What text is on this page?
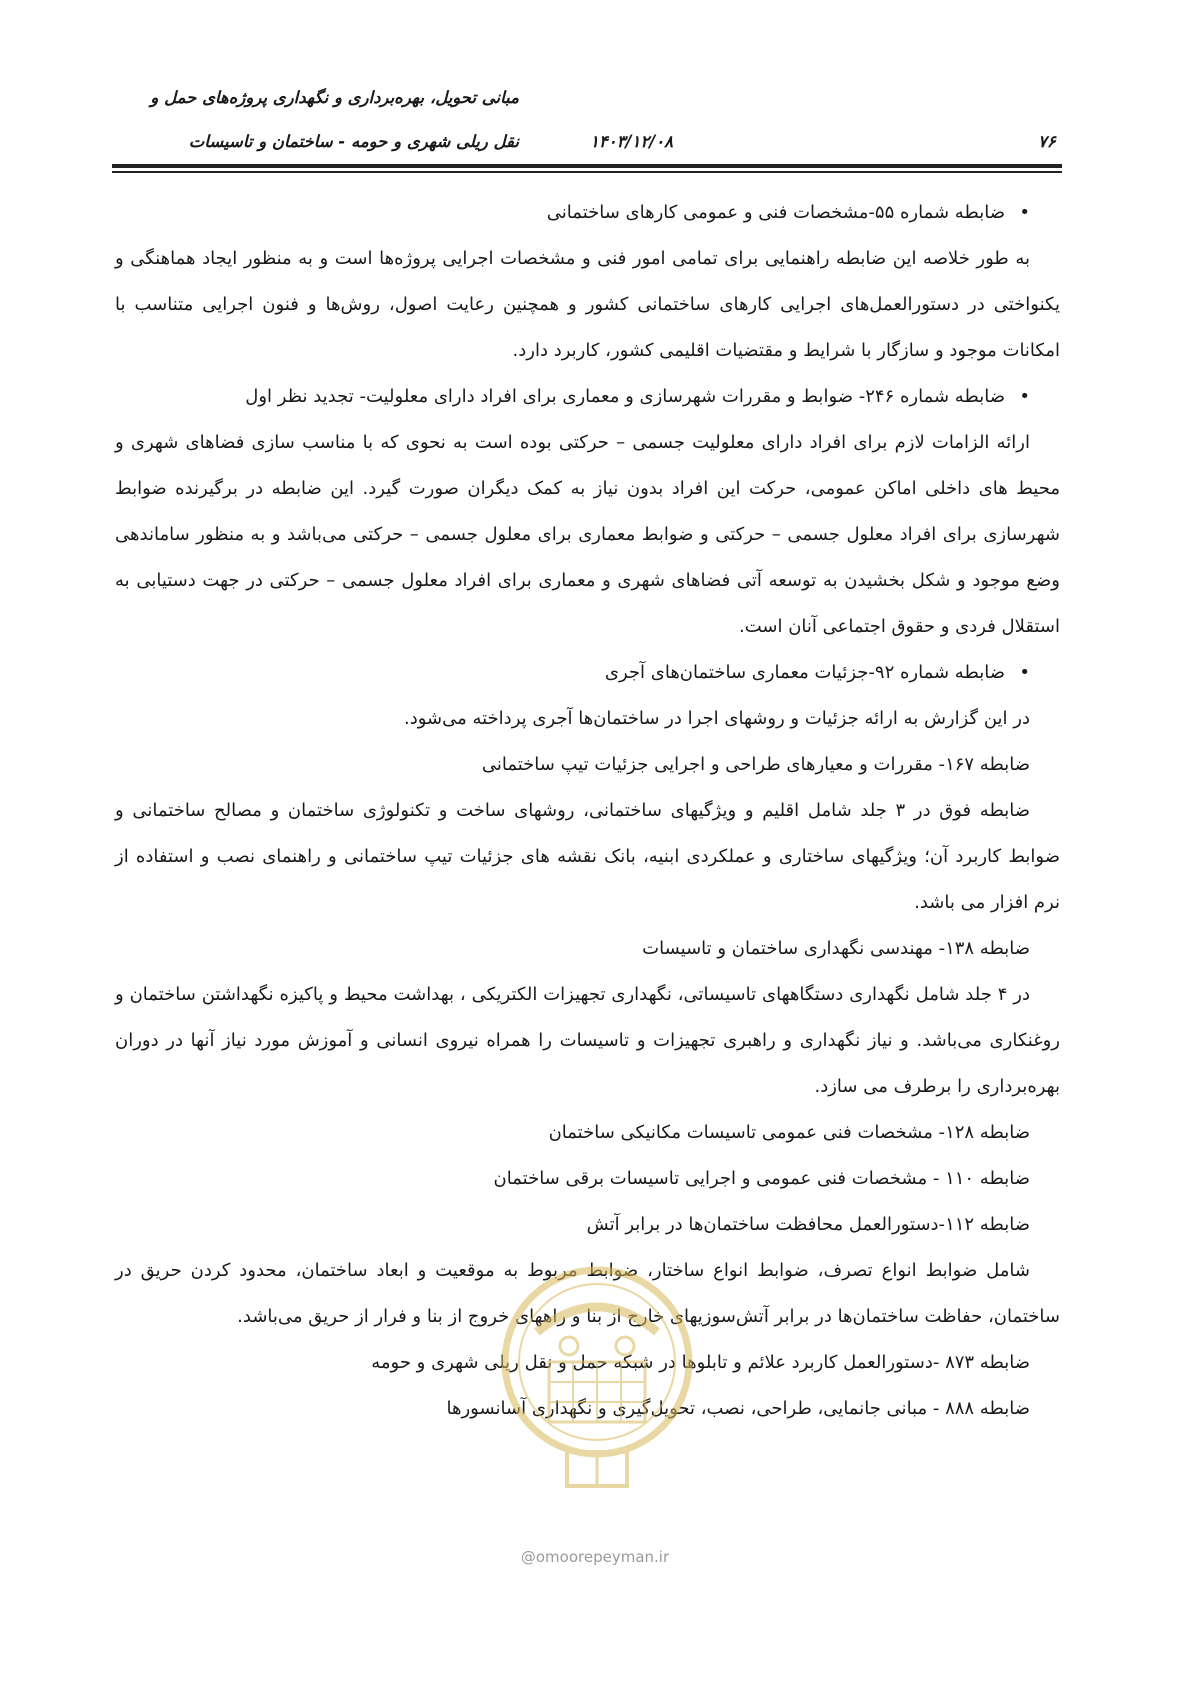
مبانی تحویل، بهره‌برداری و نگهداری پروژه‌های حمل و
نقل ریلی شهری و حومه - ساختمان و تاسیسات	۱۴۰۳/۱۲/۰۸	۷۶

• ضابطه شماره ۵۵-مشخصات فنی و عمومی کارهای ساختمانی

به طور خلاصه این ضابطه راهنمایی برای تمامی امور فنی و مشخصات اجرایی پروژه‌ها است و به منظور ایجاد هماهنگی و یکنواختی در دستورالعمل‌های اجرایی کارهای ساختمانی کشور و همچنین رعایت اصول، روش‌ها و فنون اجرایی متناسب با امکانات موجود و سازگار با شرایط و مقتضیات اقلیمی کشور، کاربرد دارد.

• ضابطه شماره ۲۴۶- ضوابط و مقررات شهرسازی و معماری برای افراد دارای معلولیت- تجدید نظر اول

ارائه الزامات لازم برای افراد دارای معلولیت جسمی – حرکتی بوده است به نحوی که با مناسب سازی فضاهای شهری و محیط های داخلی اماکن عمومی، حرکت این افراد بدون نیاز به کمک دیگران صورت گیرد. این ضابطه در برگیرنده ضوابط شهرسازی برای افراد معلول جسمی – حرکتی و ضوابط معماری برای معلول جسمی – حرکتی می‌باشد و به منظور ساماندهی وضع موجود و شکل بخشیدن به توسعه آتی فضاهای شهری و معماری برای افراد معلول جسمی – حرکتی در جهت دستیابی به استقلال فردی و حقوق اجتماعی آنان است.

• ضابطه شماره ۹۲-جزئیات معماری ساختمان‌های آجری

در این گزارش به ارائه جزئیات و روشهای اجرا در ساختمان‌ها آجری پرداخته می‌شود.

ضابطه ۱۶۷- مقررات و معیارهای طراحی و اجرایی جزئیات تیپ ساختمانی

ضابطه فوق در ۳ جلد شامل اقلیم و ویژگیهای ساختمانی، روشهای ساخت و تکنولوژی ساختمان و مصالح ساختمانی و ضوابط کاربرد آن؛ ویژگیهای ساختاری و عملکردی ابنیه، بانک نقشه های جزئیات تیپ ساختمانی و راهنمای نصب و استفاده از نرم افزار می باشد.

ضابطه ۱۳۸- مهندسی نگهداری ساختمان و تاسیسات

در ۴ جلد شامل نگهداری دستگاههای تاسیساتی، نگهداری تجهیزات الکتریکی ، بهداشت محیط و پاکیزه نگهداشتن ساختمان و روغنکاری می‌باشد. و نیاز نگهداری و راهبری تجهیزات و تاسیسات را همراه نیروی انسانی و آموزش مورد نیاز آنها در دوران بهره‌برداری را برطرف می سازد.

ضابطه ۱۲۸- مشخصات فنی عمومی تاسیسات مکانیکی ساختمان

ضابطه ۱۱۰ - مشخصات فنی عمومی و اجرایی تاسیسات برقی ساختمان

ضابطه ۱۱۲-دستورالعمل محافظت ساختمان‌ها در برابر آتش

شامل ضوابط انواع تصرف، ضوابط انواع ساختار، ضوابط مربوط به موقعیت و ابعاد ساختمان، محدود کردن حریق در ساختمان، حفاظت ساختمان‌ها در برابر آتش‌سوزیهای خارج از بنا و راههای خروج از بنا و فرار از حریق می‌باشد.

ضابطه ۸۷۳ -دستورالعمل کاربرد علائم و تابلوها در شبکه حمل و نقل ریلی شهری و حومه

ضابطه ۸۸۸ - مبانی جانمایی، طراحی، نصب، تحویل‌گیری و نگهداری آسانسورها

@omoorepeyman.ir
